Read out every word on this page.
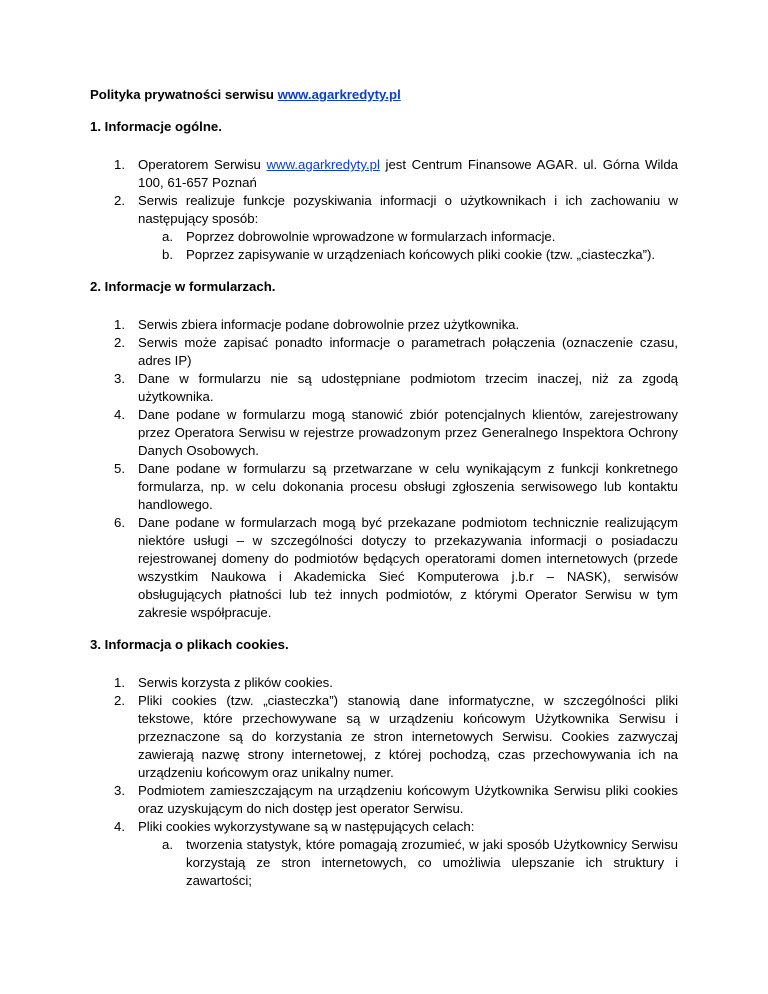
Polityka prywatności serwisu www.agarkredyty.pl

1. Informacje ogólne.
1. Operatorem Serwisu www.agarkredyty.pl jest Centrum Finansowe AGAR. ul. Górna Wilda 100, 61-657 Poznań
2. Serwis realizuje funkcje pozyskiwania informacji o użytkownikach i ich zachowaniu w następujący sposób:
a. Poprzez dobrowolnie wprowadzone w formularzach informacje.
b. Poprzez zapisywanie w urządzeniach końcowych pliki cookie (tzw. „ciasteczka”).
2. Informacje w formularzach.
1. Serwis zbiera informacje podane dobrowolnie przez użytkownika.
2. Serwis może zapisać ponadto informacje o parametrach połączenia (oznaczenie czasu, adres IP)
3. Dane w formularzu nie są udostępniane podmiotom trzecim inaczej, niż za zgodą użytkownika.
4. Dane podane w formularzu mogą stanowić zbiór potencjalnych klientów, zarejestrowany przez Operatora Serwisu w rejestrze prowadzonym przez Generalnego Inspektora Ochrony Danych Osobowych.
5. Dane podane w formularzu są przetwarzane w celu wynikającym z funkcji konkretnego formularza, np. w celu dokonania procesu obsługi zgłoszenia serwisowego lub kontaktu handlowego.
6. Dane podane w formularzach mogą być przekazane podmiotom technicznie realizującym niektóre usługi – w szczególności dotyczy to przekazywania informacji o posiadaczu rejestrowanej domeny do podmiotów będących operatorami domen internetowych (przede wszystkim Naukowa i Akademicka Sieć Komputerowa j.b.r – NASK), serwisów obsługujących płatności lub też innych podmiotów, z którymi Operator Serwisu w tym zakresie współpracuje.
3. Informacja o plikach cookies.
1. Serwis korzysta z plików cookies.
2. Pliki cookies (tzw. „ciasteczka”) stanowią dane informatyczne, w szczególności pliki tekstowe, które przechowywane są w urządzeniu końcowym Użytkownika Serwisu i przeznaczone są do korzystania ze stron internetowych Serwisu. Cookies zazwyczaj zawierają nazwę strony internetowej, z której pochodzą, czas przechowywania ich na urządzeniu końcowym oraz unikalny numer.
3. Podmiotem zamieszczającym na urządzeniu końcowym Użytkownika Serwisu pliki cookies oraz uzyskującym do nich dostęp jest operator Serwisu.
4. Pliki cookies wykorzystywane są w następujących celach:
a. tworzenia statystyk, które pomagają zrozumieć, w jaki sposób Użytkownicy Serwisu korzystają ze stron internetowych, co umożliwia ulepszanie ich struktury i zawartości;
